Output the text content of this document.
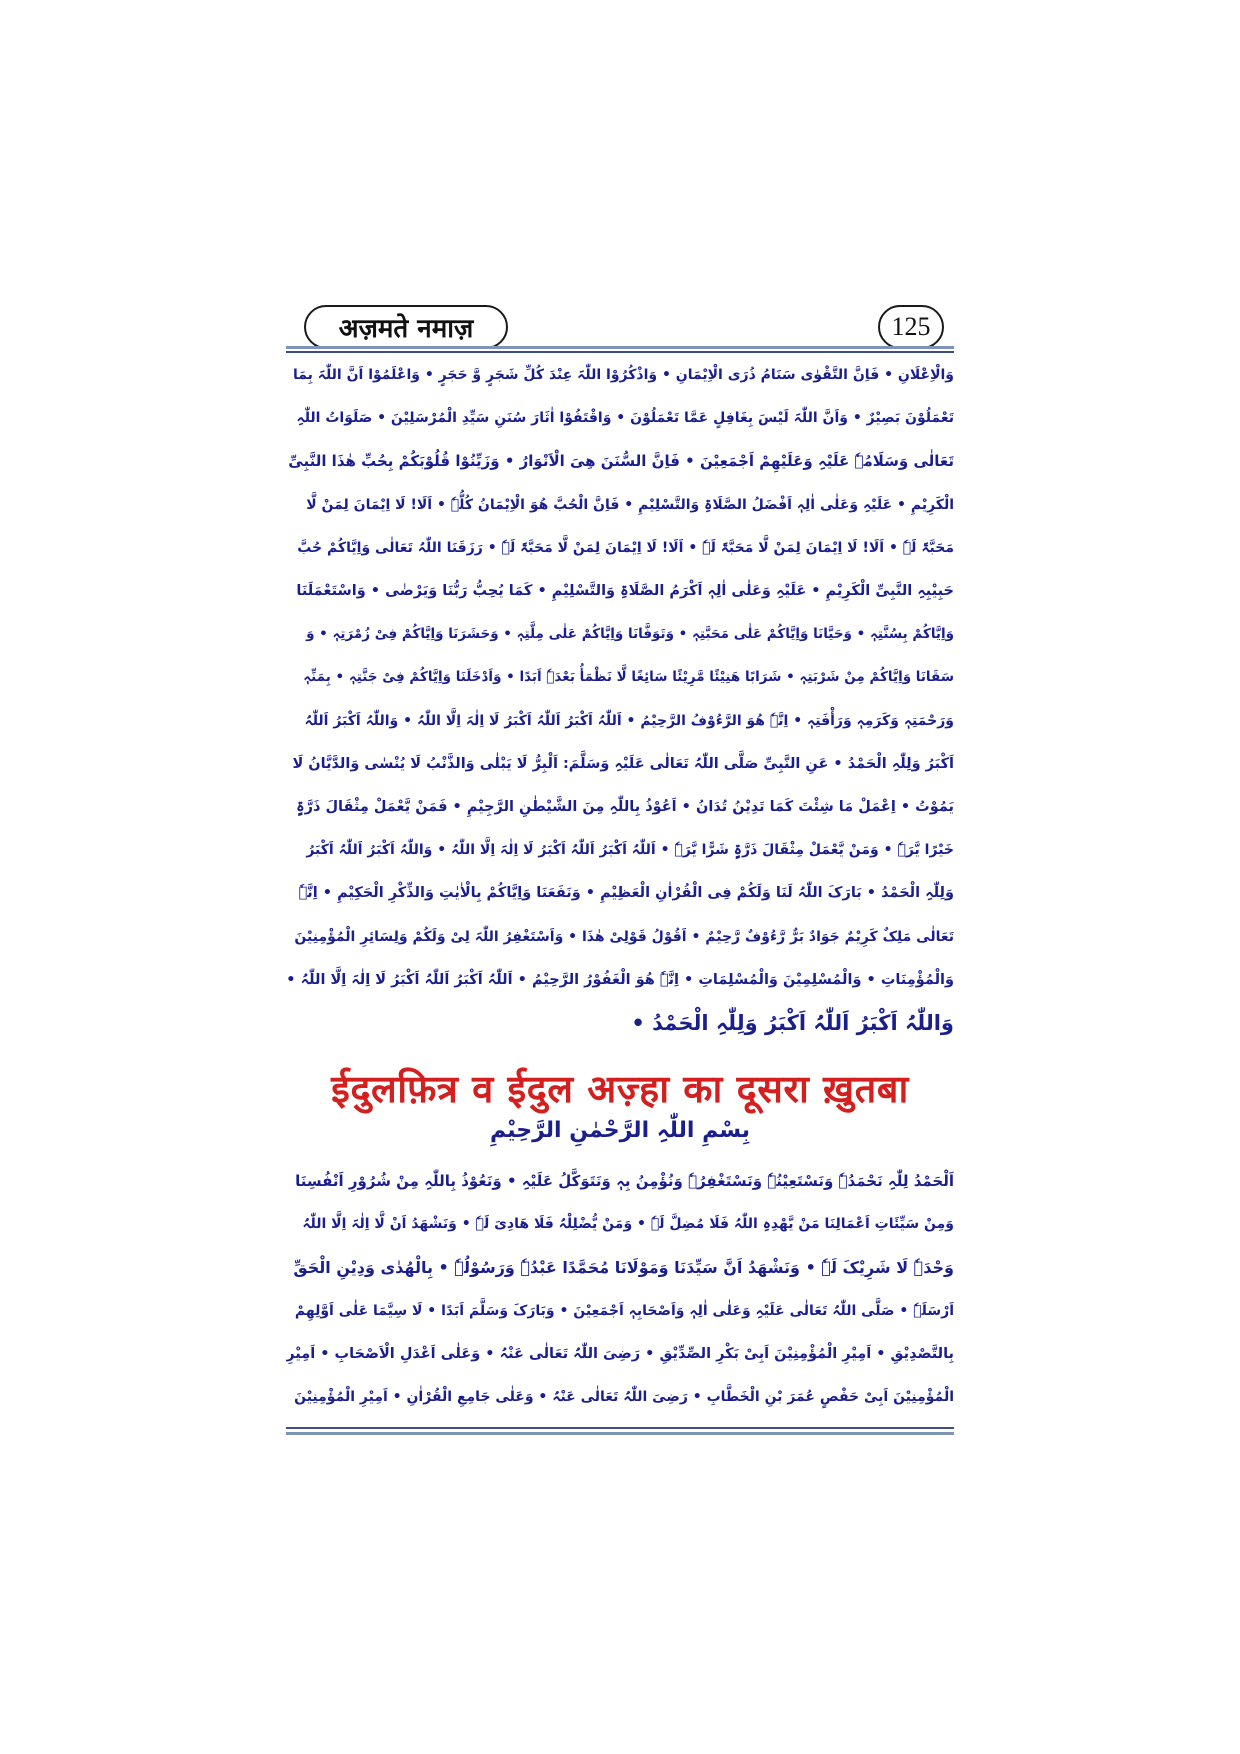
अज़मते नमाज़	125
وَالْاِعْلَانِ • فَاِنَّ التَّقْوٰی سَنَامُ ذُرَی الْاِیْمَانِ • وَاذْکُرُوْا اللّٰہَ عِنْدَ کُلِّ شَجَرٍ وَّ حَجَرٍ • وَاعْلَمُوْا اَنَّ اللّٰہَ بِمَا
تَعْمَلُوْنَ بَصِیْرٌ • وَاَنَّ اللّٰہَ لَیْسَ بِغَافِلٍ عَمَّا تَعْمَلُوْنَ • وَاقْتَفُوْا اٰثَارَ سُنَنِ سَیِّدِ الْمُرْسَلِیْنَ • صَلَوَاتُ اللّٰہِ
تَعَالٰی وَسَلَامُہٗ عَلَیْہِ وَعَلَیْھِمْ اَجْمَعِیْنَ • فَاِنَّ السُّنَنَ ھِیَ الْاَنْوَارُ • وَزَیِّنُوْا قُلُوْبَکُمْ بِحُبِّ ھٰذَا النَّبِیِّ
الْکَرِیْمِ • عَلَیْہِ وَعَلٰی اٰلِہٖ اَفْضَلُ الصَّلَاۃِ وَالتَّسْلِیْمِ • فَاِنَّ الْحُبَّ ھُوَ الْاِیْمَانُ کُلُّہٗ • اَلَا! لَا اِیْمَانَ لِمَنْ لَّا
مَحَبَّۃَ لَہٗ • اَلَا! لَا اِیْمَانَ لِمَنْ لَّا مَحَبَّۃَ لَہٗ • اَلَا! لَا اِیْمَانَ لِمَنْ لَّا مَحَبَّۃَ لَہٗ • رَزَقَنَا اللّٰہُ تَعَالٰی وَاِیَّاکُمْ حُبَّ
حَبِیْبِہِ النَّبِیِّ الْکَرِیْمِ • عَلَیْہِ وَعَلٰی اٰلِہٖ اَکْرَمُ الصَّلَاۃِ وَالتَّسْلِیْمِ • کَمَا یُحِبُّ رَبُّنَا وَیَرْضٰی • وَاسْتَعْمَلَنَا
وَاِیَّاکُمْ بِسُنَّتِہٖ • وَحَیَّانَا وَاِیَّاکُمْ عَلٰی مَحَبَّتِہٖ • وَتَوَفَّانَا وَاِیَّاکُمْ عَلٰی مِلَّتِہٖ • وَحَشَرَنَا وَاِیَّاکُمْ فِیْ زُمْرَتِہٖ • وَ
سَقَانَا وَاِیَّاکُمْ مِنْ شَرْبَتِہٖ • شَرَابًا ھَنِیْئًا مَّرِیْئًا سَائِغًا لَّا نَظْمَأُ بَعْدَہٗ اَبَدًا • وَاَدْخَلَنَا وَاِیَّاکُمْ فِیْ جَنَّتِہٖ • بِمَنِّہٖ
وَرَحْمَتِہٖ وَکَرَمِہٖ وَرَأْفَتِہٖ • اِنَّہٗ ھُوَ الرَّءُوْفُ الرَّحِیْمُ • اَللّٰہُ اَکْبَرُ اَللّٰہُ اَکْبَرُ لَا اِلٰہَ اِلَّا اللّٰہُ • وَاللّٰہُ اَکْبَرُ اَللّٰہُ
اَکْبَرُ وَلِلّٰہِ الْحَمْدُ • عَنِ النَّبِیِّ صَلَّی اللّٰہُ تَعَالٰی عَلَیْہِ وَسَلَّمَ: اَلْبِرُّ لَا یَبْلٰی وَالذَّنْبُ لَا یُنْسٰی وَالدَّیَّانُ لَا
یَمُوْتُ • اِعْمَلْ مَا شِئْتَ کَمَا تَدِیْنُ تُدَانُ • اَعُوْذُ بِاللّٰہِ مِنَ الشَّیْطٰنِ الرَّجِیْمِ • فَمَنْ یَّعْمَلْ مِثْقَالَ ذَرَّۃٍ
خَیْرًا یَّرَہٗ • وَمَنْ یَّعْمَلْ مِثْقَالَ ذَرَّۃٍ شَرًّا یَّرَہٗ • اَللّٰہُ اَکْبَرُ اَللّٰہُ اَکْبَرُ لَا اِلٰہَ اِلَّا اللّٰہُ • وَاللّٰہُ اَکْبَرُ اَللّٰہُ اَکْبَرُ
وَلِلّٰہِ الْحَمْدُ • بَارَکَ اللّٰہُ لَنَا وَلَکُمْ فِی الْقُرْاٰنِ الْعَظِیْمِ • وَنَفَعَنَا وَاِیَّاکُمْ بِالْاٰیٰتِ وَالذِّکْرِ الْحَکِیْمِ • اِنَّہٗ
تَعَالٰی مَلِکٌ کَرِیْمٌ جَوَادٌ بَرٌّ رَّءُوْفٌ رَّحِیْمٌ • اَقُوْلُ قَوْلِیْ ھٰذَا • وَاَسْتَغْفِرُ اللّٰہَ لِیْ وَلَکُمْ وَلِسَائِرِ الْمُؤْمِنِیْنَ
وَالْمُؤْمِنَاتِ • وَالْمُسْلِمِیْنَ وَالْمُسْلِمَاتِ • اِنَّہٗ ھُوَ الْغَفُوْرُ الرَّحِیْمُ • اَللّٰہُ اَکْبَرُ اَللّٰہُ اَکْبَرُ لَا اِلٰہَ اِلَّا اللّٰہُ •
وَاللّٰہُ اَکْبَرُ اَللّٰہُ اَکْبَرُ وَلِلّٰہِ الْحَمْدُ •
ईदुलफ़ित्र व ईदुल अज़्हा का दूसरा ख़ुतबा
بِسْمِ اللّٰہِ الرَّحْمٰنِ الرَّحِیْمِ
اَلْحَمْدُ لِلّٰہِ نَحْمَدُہٗ وَنَسْتَعِیْنُہٗ وَنَسْتَغْفِرُہٗ وَنُؤْمِنُ بِہٖ وَنَتَوَکَّلُ عَلَیْہِ • وَنَعُوْذُ بِاللّٰہِ مِنْ شُرُوْرِ اَنْفُسِنَا
وَمِنْ سَیِّئَاتِ اَعْمَالِنَا مَنْ یَّھْدِہِ اللّٰہُ فَلَا مُضِلَّ لَہٗ • وَمَنْ یُّضْلِلْہُ فَلَا ھَادِیَ لَہٗ • وَنَشْھَدُ اَنْ لَّا اِلٰہَ اِلَّا اللّٰہُ
وَحْدَہٗ لَا شَرِیْکَ لَہٗ • وَنَشْھَدُ اَنَّ سَیِّدَنَا وَمَوْلَانَا مُحَمَّدًا عَبْدُہٗ وَرَسُوْلُہٗ • بِالْھُدٰی وَدِیْنِ الْحَقِّ
اَرْسَلَہٗ • صَلَّی اللّٰہُ تَعَالٰی عَلَیْہِ وَعَلٰی اٰلِہٖ وَاَصْحَابِہٖ اَجْمَعِیْنَ • وَبَارَکَ وَسَلَّمَ اَبَدًا • لَا سِیَّمَا عَلٰی اَوَّلِھِمْ
بِالتَّصْدِیْقِ • اَمِیْرِ الْمُؤْمِنِیْنَ اَبِیْ بَکْرِ الصِّدِّیْقِ • رَضِیَ اللّٰہُ تَعَالٰی عَنْہُ • وَعَلٰی اَعْدَلِ الْاَصْحَابِ • اَمِیْرِ
الْمُؤْمِنِیْنَ اَبِیْ حَفْصٍ عُمَرَ بْنِ الْخَطَّابِ • رَضِیَ اللّٰہُ تَعَالٰی عَنْہُ • وَعَلٰی جَامِعِ الْقُرْاٰنِ • اَمِیْرِ الْمُؤْمِنِیْنَ
